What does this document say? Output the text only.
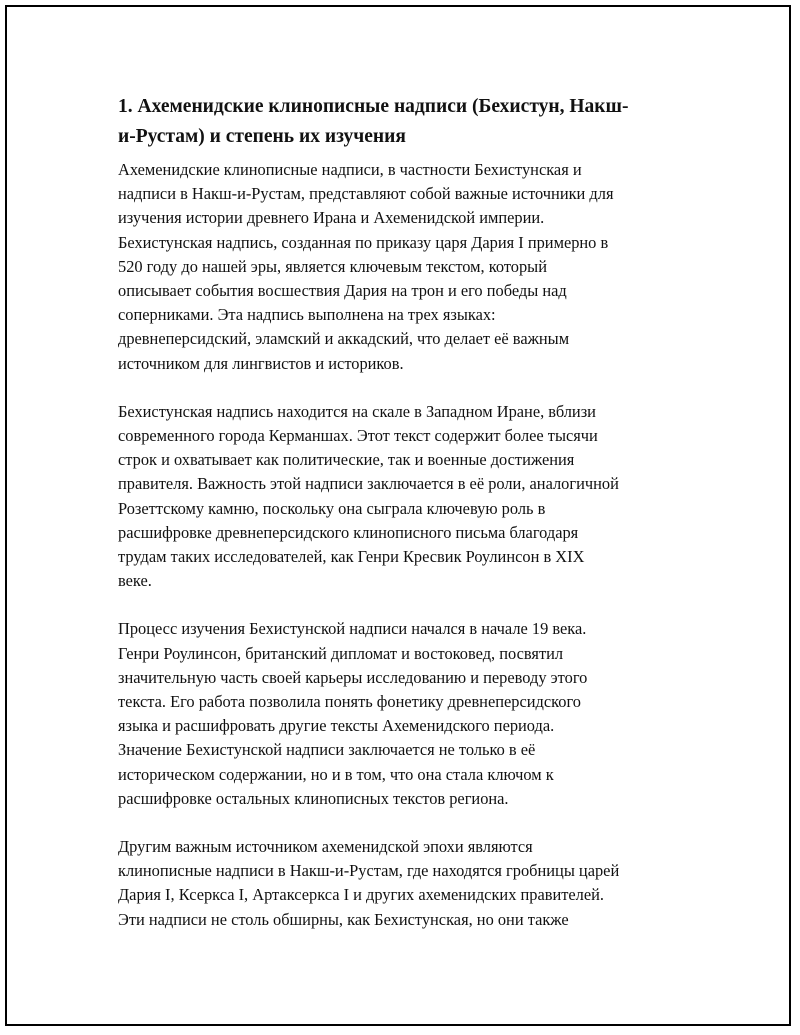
1. Ахеменидские клинописные надписи (Бехистун, Накш-
и-Рустам) и степень их изучения

Ахеменидские клинописные надписи, в частности Бехистунская и
надписи в Накш-и-Рустам, представляют собой важные источники для
изучения истории древнего Ирана и Ахеменидской империи.
Бехистунская надпись, созданная по приказу царя Дария I примерно в
520 году до нашей эры, является ключевым текстом, который
описывает события восшествия Дария на трон и его победы над
соперниками. Эта надпись выполнена на трех языках:
древнеперсидский, эламский и аккадский, что делает её важным
источником для лингвистов и историков.

Бехистунская надпись находится на скале в Западном Иране, вблизи
современного города Керманшах. Этот текст содержит более тысячи
строк и охватывает как политические, так и военные достижения
правителя. Важность этой надписи заключается в её роли, аналогичной
Розеттскому камню, поскольку она сыграла ключевую роль в
расшифровке древнеперсидского клинописного письма благодаря
трудам таких исследователей, как Генри Кресвик Роулинсон в XIX
веке.

Процесс изучения Бехистунской надписи начался в начале 19 века.
Генри Роулинсон, британский дипломат и востоковед, посвятил
значительную часть своей карьеры исследованию и переводу этого
текста. Его работа позволила понять фонетику древнеперсидского
языка и расшифровать другие тексты Ахеменидского периода.
Значение Бехистунской надписи заключается не только в её
историческом содержании, но и в том, что она стала ключом к
расшифровке остальных клинописных текстов региона.

Другим важным источником ахеменидской эпохи являются
клинописные надписи в Накш-и-Рустам, где находятся гробницы царей
Дария I, Ксеркса I, Артаксеркса I и других ахеменидских правителей.
Эти надписи не столь обширны, как Бехистунская, но они также
